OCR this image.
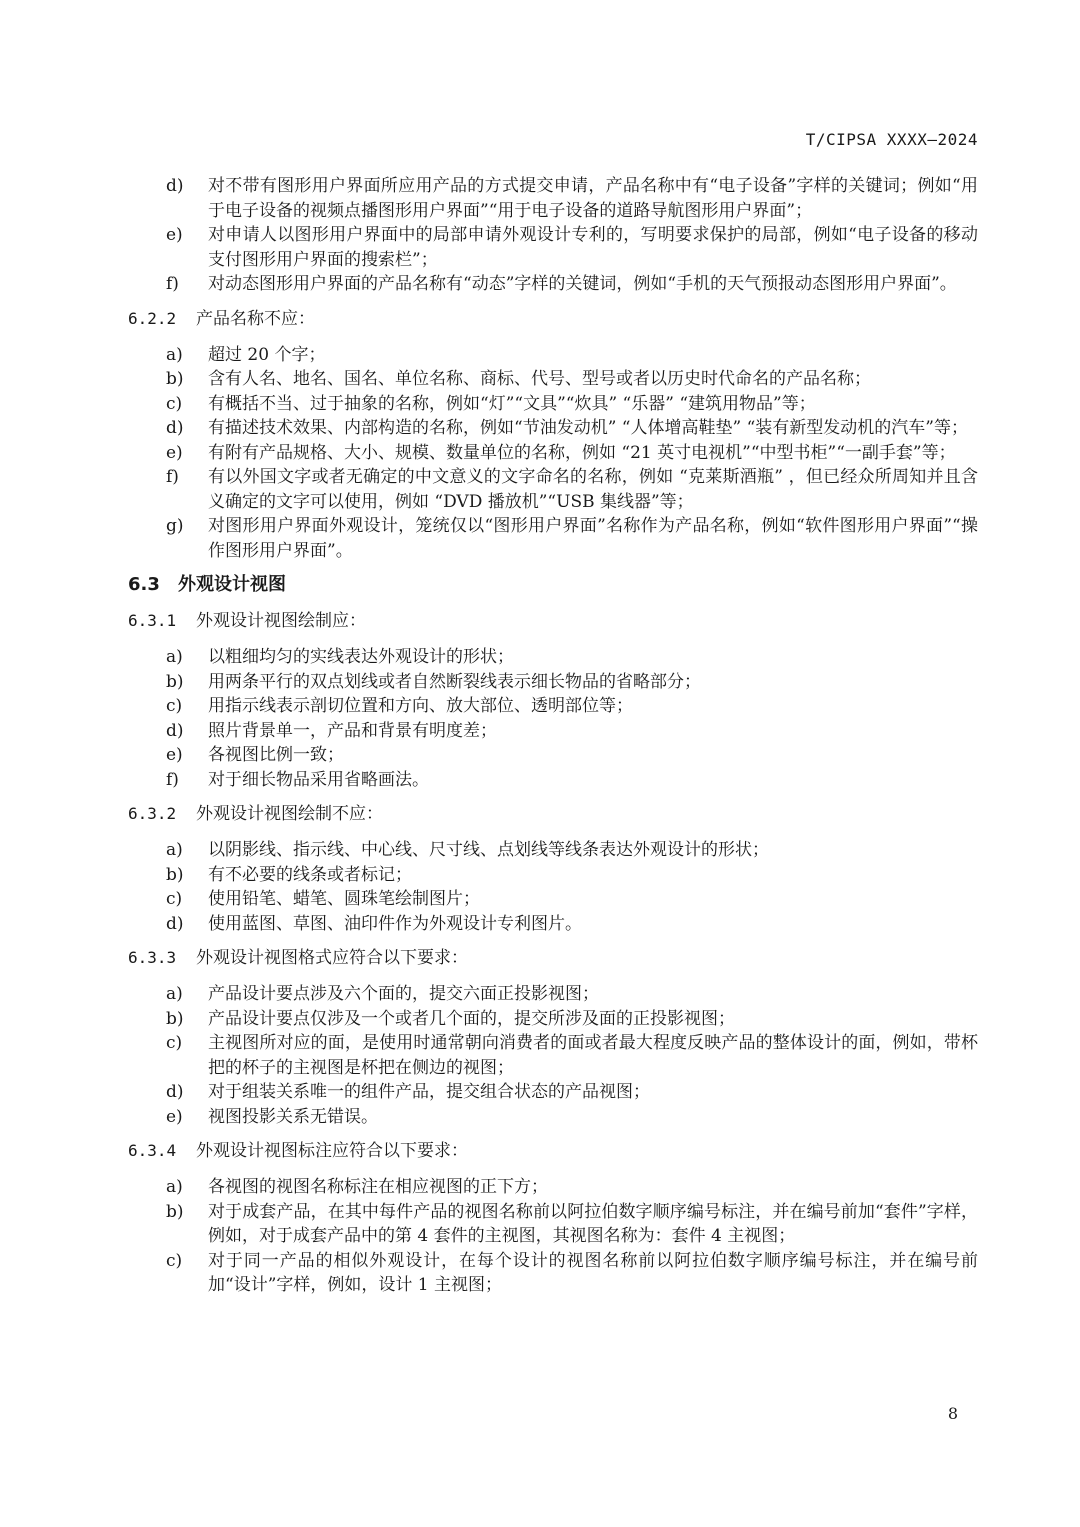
T/CIPSA XXXX—2024
d) 对不带有图形用户界面所应用产品的方式提交申请，产品名称中有“电子设备”字样的关键词；例如“用于电子设备的视频点播图形用户界面”“用于电子设备的道路导航图形用户界面”；
e) 对申请人以图形用户界面中的局部申请外观设计专利的，写明要求保护的局部，例如“电子设备的移动支付图形用户界面的搜索栏”；
f) 对动态图形用户界面的产品名称有“动态”字样的关键词，例如“手机的天气预报动态图形用户界面”。
6.2.2 产品名称不应：
a) 超过 20 个字；
b) 含有人名、地名、国名、单位名称、商标、代号、型号或者以历史时代命名的产品名称；
c) 有概括不当、过于抽象的名称，例如“灯”“文具”“炊具” “乐器” “建筑用物品”等；
d) 有描述技术效果、内部构造的名称，例如“节油发动机” “人体增高鞋垫” “装有新型发动机的汽车”等；
e) 有附有产品规格、大小、规模、数量单位的名称，例如 “21 英寸电视机”“中型书柜”“一副手套”等；
f) 有以外国文字或者无确定的中文意义的文字命名的名称，例如 “克莱斯酒瓶” ，但已经众所周知并且含义确定的文字可以使用，例如 “DVD 播放机”“USB 集线器”等；
g) 对图形用户界面外观设计，笼统仅以“图形用户界面”名称作为产品名称，例如“软件图形用户界面”“操作图形用户界面”。
6.3 外观设计视图
6.3.1 外观设计视图绘制应：
a) 以粗细均匀的实线表达外观设计的形状；
b) 用两条平行的双点划线或者自然断裂线表示细长物品的省略部分；
c) 用指示线表示剖切位置和方向、放大部位、透明部位等；
d) 照片背景单一，产品和背景有明度差；
e) 各视图比例一致；
f) 对于细长物品采用省略画法。
6.3.2 外观设计视图绘制不应：
a) 以阴影线、指示线、中心线、尺寸线、点划线等线条表达外观设计的形状；
b) 有不必要的线条或者标记；
c) 使用铅笔、蜡笔、圆珠笔绘制图片；
d) 使用蓝图、草图、油印件作为外观设计专利图片。
6.3.3 外观设计视图格式应符合以下要求：
a) 产品设计要点涉及六个面的，提交六面正投影视图；
b) 产品设计要点仅涉及一个或者几个面的，提交所涉及面的正投影视图；
c) 主视图所对应的面，是使用时通常朝向消费者的面或者最大程度反映产品的整体设计的面，例如，带杯把的杯子的主视图是杯把在侧边的视图；
d) 对于组装关系唯一的组件产品，提交组合状态的产品视图；
e) 视图投影关系无错误。
6.3.4 外观设计视图标注应符合以下要求：
a) 各视图的视图名称标注在相应视图的正下方；
b) 对于成套产品，在其中每件产品的视图名称前以阿拉伯数字顺序编号标注，并在编号前加“套件”字样，例如，对于成套产品中的第 4 套件的主视图，其视图名称为：套件 4 主视图；
c) 对于同一产品的相似外观设计，在每个设计的视图名称前以阿拉伯数字顺序编号标注，并在编号前加“设计”字样，例如，设计 1 主视图；
8
